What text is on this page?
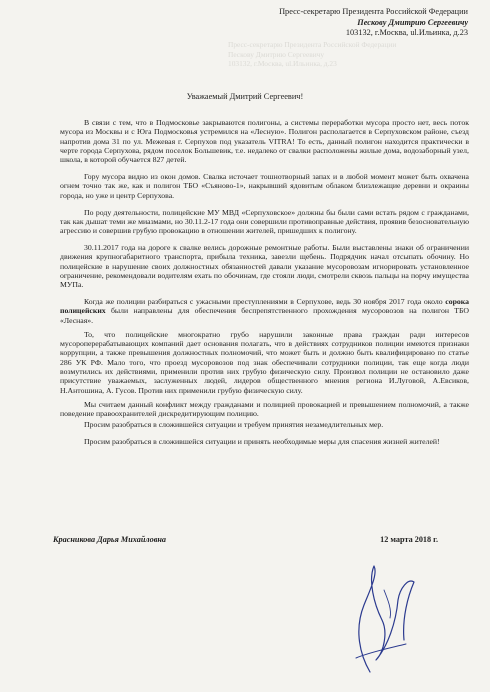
Пресс-секретарю Президента Российской Федерации
Пескову Дмитрию Сергеевичу
103132, г.Москва, ul.Ильинка, д.23
Пресс-секретарю Президента Российской Федерации
Пескову Дмитрию Сергеевичу
103132, г.Москва, ul.Ильинка, д.23
Уважаемый Дмитрий Сергеевич!

В связи с тем, что в Подмосковье закрываются полигоны, а системы переработки мусора просто нет, весь поток мусора из Москвы и с Юга Подмосковья устремился на «Лесную». Полигон располагается в Серпуховском районе, съезд напротив дома 31 по ул. Межевая г. Серпухов под указатель VITRA! То есть, данный полигон находится практически в черте города Серпухова, рядом поселок Большевик, т.е. недалеко от свалки расположены жилые дома, водозаборный узел, школа, в которой обучается 827 детей.

Гору мусора видно из окон домов. Свалка источает тошнотворный запах и в любой момент может быть охвачена огнем точно так же, как и полигон ТБО «Съяново-1», накрывший ядовитым облаком близлежащие деревни и окраины города, но уже и центр Серпухова.

По роду деятельности, полицейские МУ МВД «Серпуховское» должны бы были сами встать рядом с гражданами, так как дышат теми же миазмами, но 30.11.2-17 года они совершили противоправные действия, проявив безосновательную агрессию и совершив грубую провокацию в отношении жителей, пришедших к полигону.

30.11.2017 года на дороге к свалке велись дорожные ремонтные работы. Были выставлены знаки об ограничении движения крупногабаритного транспорта, прибыла техника, завезли щебень. Подрядчик начал отсыпать обочину. Но полицейские в нарушение своих должностных обязанностей давали указание мусоровозам игнорировать установленное ограничение, рекомендовали водителям ехать по обочинам, где стояли люди, смотрели сквозь пальцы на порчу имущества МУПа.

Когда же полиции разбираться с ужасными преступлениями в Серпухове, ведь 30 ноября 2017 года около сорока полицейских были направлены для обеспечения беспрепятственного прохождения мусоровозов на полигон ТБО «Лесная».

То, что полицейские многократно грубо нарушили законные права граждан ради интересов мусороперерабатывающих компаний дает основания полагать, что в действиях сотрудников полиции имеются признаки коррупции, а также превышения должностных полномочий, что может быть и должно быть квалифицировано по статье 286 УК РФ. Мало того, что проезд мусоровозов под знак обеспечивали сотрудники полиции, так еще когда люди возмутились их действиями, применили против них грубую физическую силу. Произвол полиции не остановило даже присутствие уважаемых, заслуженных людей, лидеров общественного мнения региона И.Луговой, А.Евсиков, Н.Антошина, А. Гусов. Против них применили грубую физическую силу.

Мы считаем данный конфликт между гражданами и полицией провокацией и превышением полномочий, а также поведение правоохранителей дискредитирующим полицию.

Просим разобраться в сложившейся ситуации и требуем принятия незамедлительных мер.

Просим разобраться в сложившейся ситуации и принять необходимые меры для спасения жизней жителей!

Красникова Дарья Михайловна	12 марта 2018 г.
